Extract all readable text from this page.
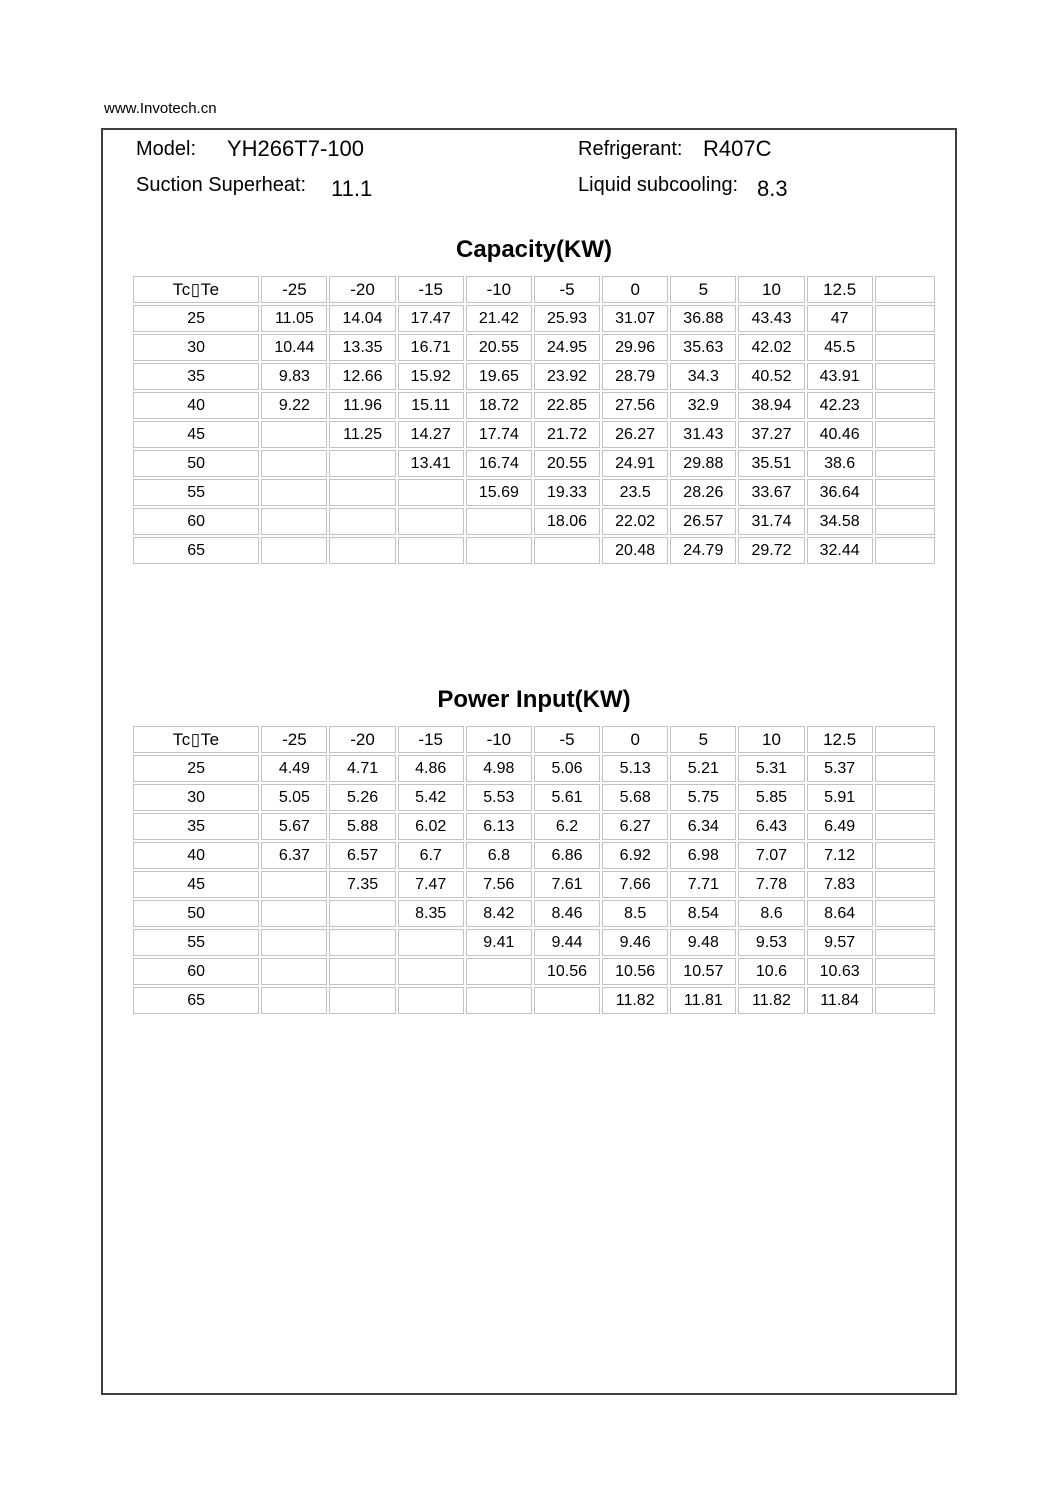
www.Invotech.cn
Model: YH266T7-100	Refrigerant: R407C
Suction Superheat: 11.1	Liquid subcooling: 8.3
Capacity(KW)
Tc▯Te	-25	-20	-15	-10	-5	0	5	10	12.5	
25	11.05	14.04	17.47	21.42	25.93	31.07	36.88	43.43	47	
30	10.44	13.35	16.71	20.55	24.95	29.96	35.63	42.02	45.5	
35	9.83	12.66	15.92	19.65	23.92	28.79	34.3	40.52	43.91	
40	9.22	11.96	15.11	18.72	22.85	27.56	32.9	38.94	42.23	
45		11.25	14.27	17.74	21.72	26.27	31.43	37.27	40.46	
50			13.41	16.74	20.55	24.91	29.88	35.51	38.6	
55				15.69	19.33	23.5	28.26	33.67	36.64	
60					18.06	22.02	26.57	31.74	34.58	
65						20.48	24.79	29.72	32.44	
Power Input(KW)
Tc▯Te	-25	-20	-15	-10	-5	0	5	10	12.5	
25	4.49	4.71	4.86	4.98	5.06	5.13	5.21	5.31	5.37	
30	5.05	5.26	5.42	5.53	5.61	5.68	5.75	5.85	5.91	
35	5.67	5.88	6.02	6.13	6.2	6.27	6.34	6.43	6.49	
40	6.37	6.57	6.7	6.8	6.86	6.92	6.98	7.07	7.12	
45		7.35	7.47	7.56	7.61	7.66	7.71	7.78	7.83	
50			8.35	8.42	8.46	8.5	8.54	8.6	8.64	
55				9.41	9.44	9.46	9.48	9.53	9.57	
60					10.56	10.56	10.57	10.6	10.63	
65						11.82	11.81	11.82	11.84	
